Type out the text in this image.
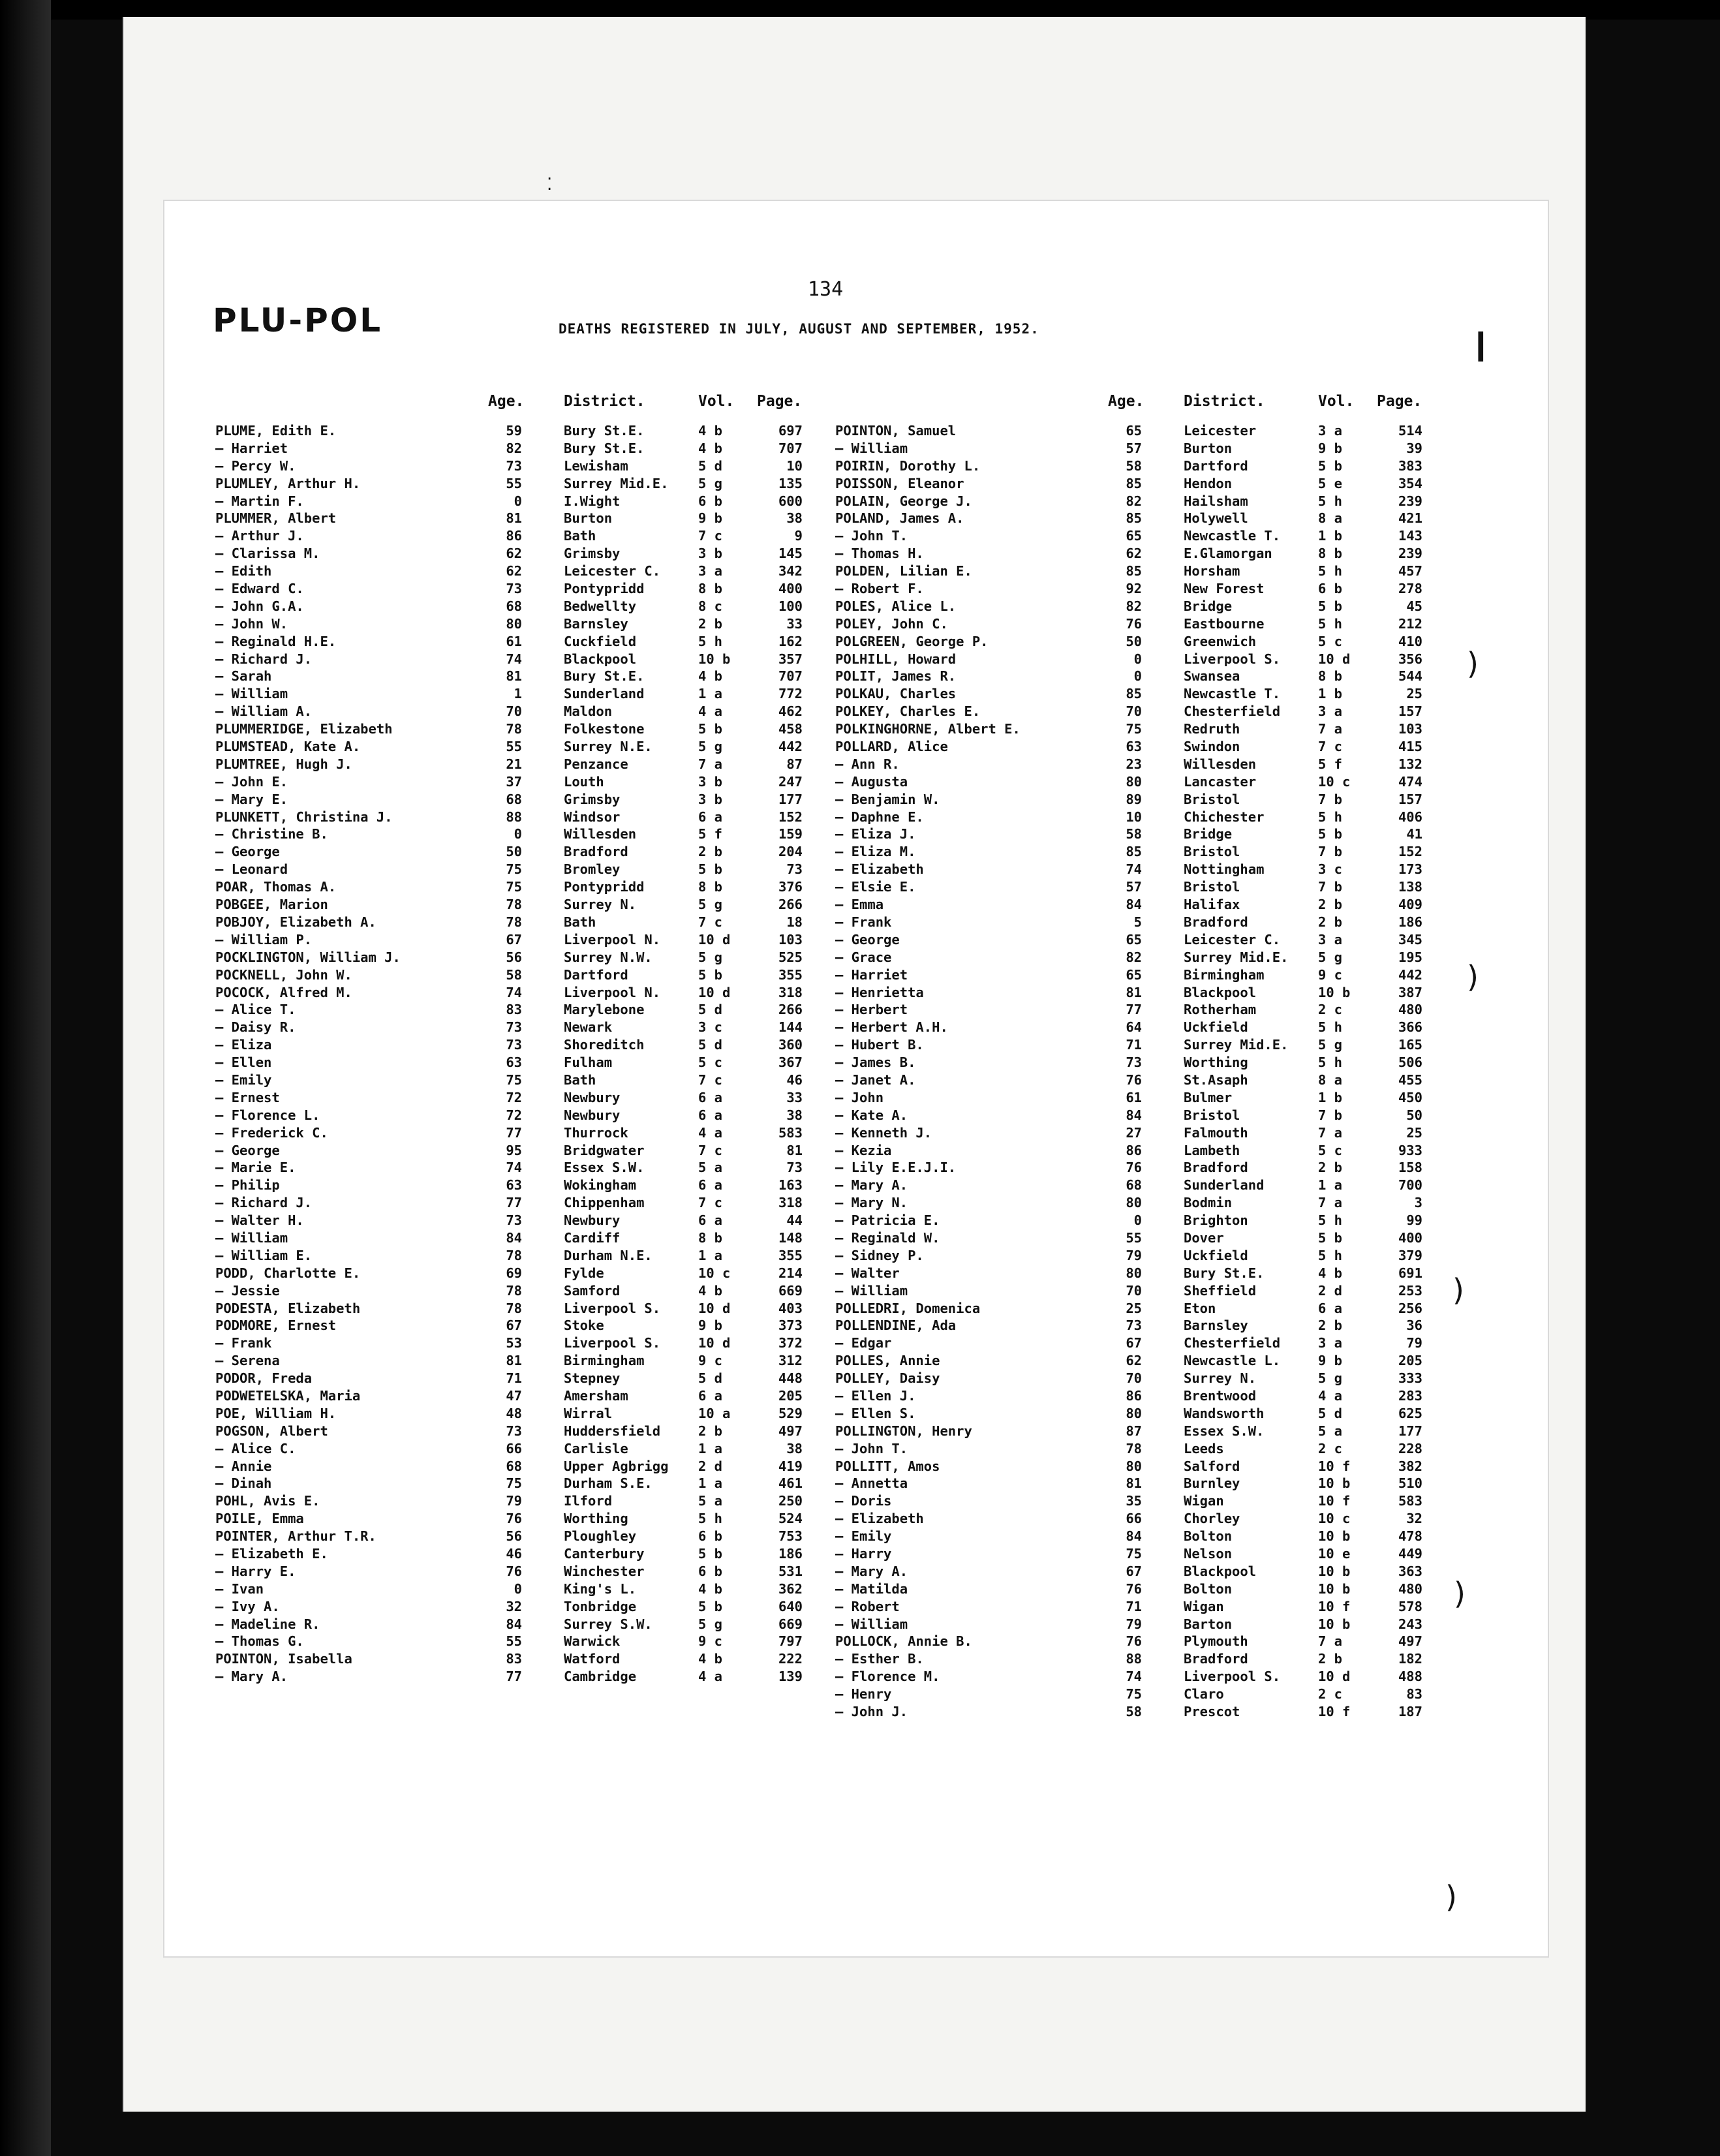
⁚
PLU-POL
134
DEATHS REGISTERED IN JULY, AUGUST AND SEPTEMBER, 1952.	❙
)
)
)
)
)
Age.	District.	Vol. Page.
PLUME, Edith E.	59	Bury St.E.	4 b	697
— Harriet	82	Bury St.E.	4 b	707
— Percy W.	73	Lewisham	5 d	10
PLUMLEY, Arthur H.	55	Surrey Mid.E. 5 g	135
— Martin F.	0	I.Wight	6 b	600
PLUMMER, Albert	81	Burton	9 b	38
— Arthur J.	86	Bath	7 c	9
— Clarissa M.	62	Grimsby	3 b	145
— Edith	62	Leicester C.	3 a	342
— Edward C.	73	Pontypridd	8 b	400
— John G.A.	68	Bedwellty	8 c	100
— John W.	80	Barnsley	2 b	33
— Reginald H.E.	61	Cuckfield	5 h	162
— Richard J.	74	Blackpool	10 b	357
— Sarah	81	Bury St.E.	4 b	707
— William	1	Sunderland	1 a	772
— William A.	70	Maldon	4 a	462
PLUMMERIDGE, Elizabeth	78	Folkestone	5 b	458
PLUMSTEAD, Kate A.	55	Surrey N.E.	5 g	442
PLUMTREE, Hugh J.	21	Penzance	7 a	87
— John E.	37	Louth	3 b	247
— Mary E.	68	Grimsby	3 b	177
PLUNKETT, Christina J.	88	Windsor	6 a	152
— Christine B.	0	Willesden	5 f	159
— George	50	Bradford	2 b	204
— Leonard	75	Bromley	5 b	73
POAR, Thomas A.	75	Pontypridd	8 b	376
POBGEE, Marion	78	Surrey N.	5 g	266
POBJOY, Elizabeth A.	78	Bath	7 c	18
— William P.	67	Liverpool N.	10 d	103
POCKLINGTON, William J.	56	Surrey N.W.	5 g	525
POCKNELL, John W.	58	Dartford	5 b	355
POCOCK, Alfred M.	74	Liverpool N.	10 d	318
— Alice T.	83	Marylebone	5 d	266
— Daisy R.	73	Newark	3 c	144
— Eliza	73	Shoreditch	5 d	360
— Ellen	63	Fulham	5 c	367
— Emily	75	Bath	7 c	46
— Ernest	72	Newbury	6 a	33
— Florence L.	72	Newbury	6 a	38
— Frederick C.	77	Thurrock	4 a	583
— George	95	Bridgwater	7 c	81
— Marie E.	74	Essex S.W.	5 a	73
— Philip	63	Wokingham	6 a	163
— Richard J.	77	Chippenham	7 c	318
— Walter H.	73	Newbury	6 a	44
— William	84	Cardiff	8 b	148
— William E.	78	Durham N.E.	1 a	355
PODD, Charlotte E.	69	Fylde	10 c	214
— Jessie	78	Samford	4 b	669
PODESTA, Elizabeth	78	Liverpool S.	10 d	403
PODMORE, Ernest	67	Stoke	9 b	373
— Frank	53	Liverpool S.	10 d	372
— Serena	81	Birmingham	9 c	312
PODOR, Freda	71	Stepney	5 d	448
PODWETELSKA, Maria	47	Amersham	6 a	205
POE, William H.	48	Wirral	10 a	529
POGSON, Albert	73	Huddersfield	2 b	497
— Alice C.	66	Carlisle	1 a	38
— Annie	68	Upper Agbrigg 2 d	419
— Dinah	75	Durham S.E.	1 a	461
POHL, Avis E.	79	Ilford	5 a	250
POILE, Emma	76	Worthing	5 h	524
POINTER, Arthur T.R.	56	Ploughley	6 b	753
— Elizabeth E.	46	Canterbury	5 b	186
— Harry E.	76	Winchester	6 b	531
— Ivan	0	King's L.	4 b	362
— Ivy A.	32	Tonbridge	5 b	640
— Madeline R.	84	Surrey S.W.	5 g	669
— Thomas G.	55	Warwick	9 c	797
POINTON, Isabella	83	Watford	4 b	222
— Mary A.	77	Cambridge	4 a	139
Age.	District.	Vol. Page.
POINTON, Samuel	65	Leicester	3 a	514
— William	57	Burton	9 b	39
POIRIN, Dorothy L.	58	Dartford	5 b	383
POISSON, Eleanor	85	Hendon	5 e	354
POLAIN, George J.	82	Hailsham	5 h	239
POLAND, James A.	85	Holywell	8 a	421
— John T.	65	Newcastle T.	1 b	143
— Thomas H.	62	E.Glamorgan	8 b	239
POLDEN, Lilian E.	85	Horsham	5 h	457
— Robert F.	92	New Forest	6 b	278
POLES, Alice L.	82	Bridge	5 b	45
POLEY, John C.	76	Eastbourne	5 h	212
POLGREEN, George P.	50	Greenwich	5 c	410
POLHILL, Howard	0	Liverpool S.	10 d	356
POLIT, James R.	0	Swansea	8 b	544
POLKAU, Charles	85	Newcastle T.	1 b	25
POLKEY, Charles E.	70	Chesterfield	3 a	157
POLKINGHORNE, Albert E.	75	Redruth	7 a	103
POLLARD, Alice	63	Swindon	7 c	415
— Ann R.	23	Willesden	5 f	132
— Augusta	80	Lancaster	10 c	474
— Benjamin W.	89	Bristol	7 b	157
— Daphne E.	10	Chichester	5 h	406
— Eliza J.	58	Bridge	5 b	41
— Eliza M.	85	Bristol	7 b	152
— Elizabeth	74	Nottingham	3 c	173
— Elsie E.	57	Bristol	7 b	138
— Emma	84	Halifax	2 b	409
— Frank	5	Bradford	2 b	186
— George	65	Leicester C.	3 a	345
— Grace	82	Surrey Mid.E. 5 g	195
— Harriet	65	Birmingham	9 c	442
— Henrietta	81	Blackpool	10 b	387
— Herbert	77	Rotherham	2 c	480
— Herbert A.H.	64	Uckfield	5 h	366
— Hubert B.	71	Surrey Mid.E. 5 g	165
— James B.	73	Worthing	5 h	506
— Janet A.	76	St.Asaph	8 a	455
— John	61	Bulmer	1 b	450
— Kate A.	84	Bristol	7 b	50
— Kenneth J.	27	Falmouth	7 a	25
— Kezia	86	Lambeth	5 c	933
— Lily E.E.J.I.	76	Bradford	2 b	158
— Mary A.	68	Sunderland	1 a	700
— Mary N.	80	Bodmin	7 a	3
— Patricia E.	0	Brighton	5 h	99
— Reginald W.	55	Dover	5 b	400
— Sidney P.	79	Uckfield	5 h	379
— Walter	80	Bury St.E.	4 b	691
— William	70	Sheffield	2 d	253
POLLEDRI, Domenica	25	Eton	6 a	256
POLLENDINE, Ada	73	Barnsley	2 b	36
— Edgar	67	Chesterfield	3 a	79
POLLES, Annie	62	Newcastle L.	9 b	205
POLLEY, Daisy	70	Surrey N.	5 g	333
— Ellen J.	86	Brentwood	4 a	283
— Ellen S.	80	Wandsworth	5 d	625
POLLINGTON, Henry	87	Essex S.W.	5 a	177
— John T.	78	Leeds	2 c	228
POLLITT, Amos	80	Salford	10 f	382
— Annetta	81	Burnley	10 b	510
— Doris	35	Wigan	10 f	583
— Elizabeth	66	Chorley	10 c	32
— Emily	84	Bolton	10 b	478
— Harry	75	Nelson	10 e	449
— Mary A.	67	Blackpool	10 b	363
— Matilda	76	Bolton	10 b	480
— Robert	71	Wigan	10 f	578
— William	79	Barton	10 b	243
POLLOCK, Annie B.	76	Plymouth	7 a	497
— Esther B.	88	Bradford	2 b	182
— Florence M.	74	Liverpool S.	10 d	488
— Henry	75	Claro	2 c	83
— John J.	58	Prescot	10 f	187
